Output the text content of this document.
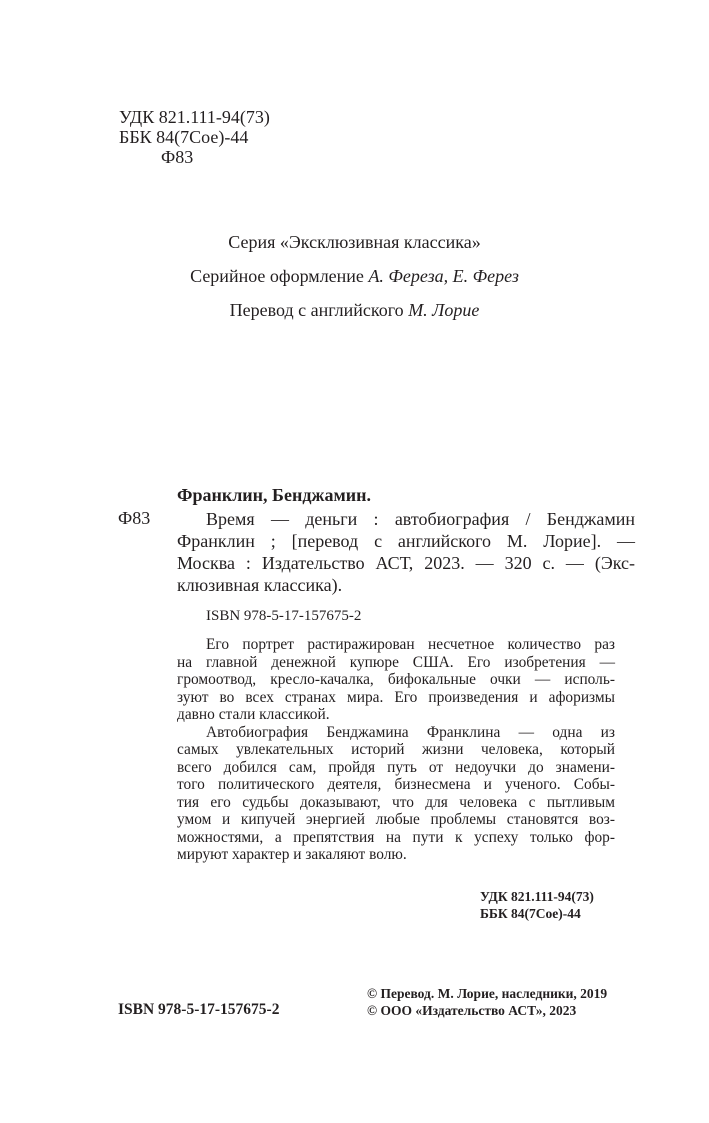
УДК 821.111-94(73)
ББК 84(7Сое)-44
Ф83
Серия «Эксклюзивная классика»
Серийное оформление А. Фереза, Е. Ферез
Перевод с английского М. Лорие
Франклин, Бенджамин.
Ф83	Время — деньги : автобиография / Бенджамин
Франклин ; [перевод с английского М. Лорие]. —
Москва : Издательство АСТ, 2023. — 320 с. — (Экс-
клюзивная классика).
ISBN 978-5-17-157675-2
Его портрет растиражирован несчетное количество раз
на главной денежной купюре США. Его изобретения —
громоотвод, кресло-качалка, бифокальные очки — исполь-
зуют во всех странах мира. Его произведения и афоризмы
давно стали классикой.
Автобиография Бенджамина Франклина — одна из
самых увлекательных историй жизни человека, который
всего добился сам, пройдя путь от недоучки до знамени-
того политического деятеля, бизнесмена и ученого. Собы-
тия его судьбы доказывают, что для человека с пытливым
умом и кипучей энергией любые проблемы становятся воз-
можностями, а препятствия на пути к успеху только фор-
мируют характер и закаляют волю.
УДК 821.111-94(73)
ББК 84(7Сое)-44
ISBN 978-5-17-157675-2
© Перевод. М. Лорие, наследники, 2019
© ООО «Издательство АСТ», 2023
